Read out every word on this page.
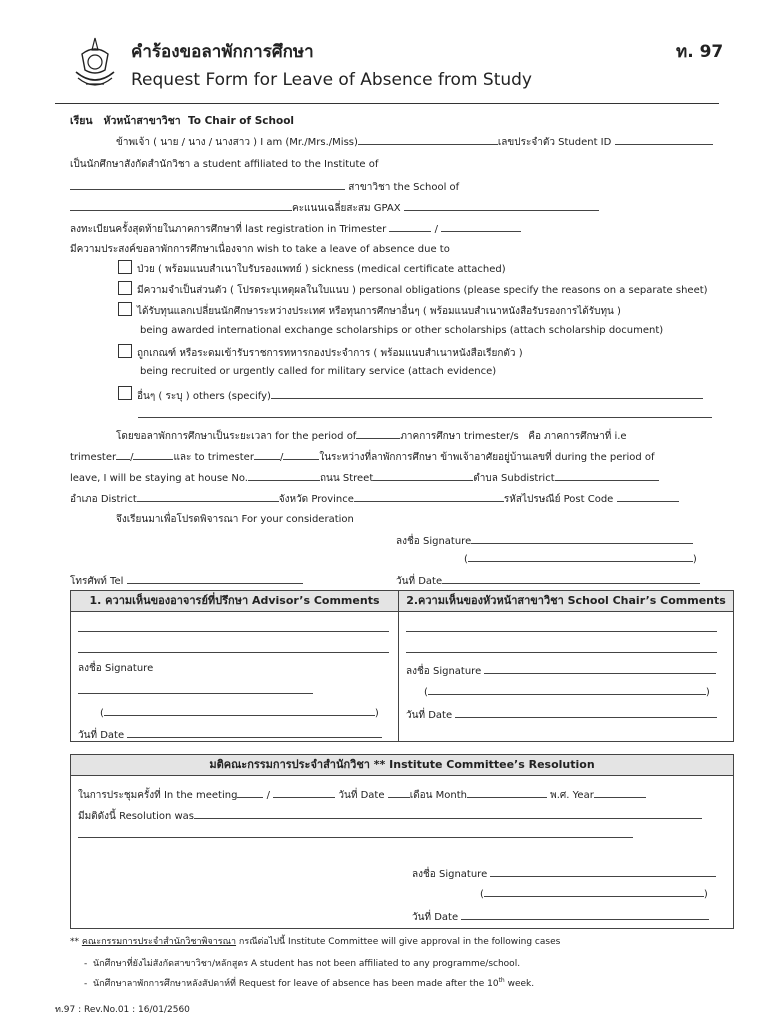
คำร้องขอลาพักการศึกษา
Request Form for Leave of Absence from Study
ท. 97
เรียน หัวหน้าสาขาวิชา To Chair of School
ข้าพเจ้า ( นาย / นาง / นางสาว ) I am (Mr./Mrs./Miss)	เลขประจำตัว Student ID
เป็นนักศึกษาสังกัดสำนักวิชา a student affiliated to the Institute of
สาขาวิชา the School of
คะแนนเฉลี่ยสะสม GPAX
ลงทะเบียนครั้งสุดท้ายในภาคการศึกษาที่ last registration in Trimester	/
มีความประสงค์ขอลาพักการศึกษาเนื่องจาก wish to take a leave of absence due to
ป่วย ( พร้อมแนบสำเนาใบรับรองแพทย์ ) sickness (medical certificate attached)
มีความจำเป็นส่วนตัว ( โปรดระบุเหตุผลในใบแนบ ) personal obligations (please specify the reasons on a separate sheet)
ได้รับทุนแลกเปลี่ยนนักศึกษาระหว่างประเทศ หรือทุนการศึกษาอื่นๆ ( พร้อมแนบสำเนาหนังสือรับรองการได้รับทุน )
being awarded international exchange scholarships or other scholarships (attach scholarship document)
ถูกเกณฑ์ หรือระดมเข้ารับราชการทหารกองประจำการ ( พร้อมแนบสำเนาหนังสือเรียกตัว )
being recruited or urgently called for military service (attach evidence)
อื่นๆ ( ระบุ ) others (specify)
โดยขอลาพักการศึกษาเป็นระยะเวลา for the period of	ภาคการศึกษา trimester/s คือ ภาคการศึกษาที่ i.e
trimester /	และ to trimester	/	ในระหว่างที่ลาพักการศึกษา ข้าพเจ้าอาศัยอยู่บ้านเลขที่ during the period of
leave, I will be staying at house No.	ถนน Street	ตำบล Subdistrict
อำเภอ District	จังหวัด Province	รหัสไปรษณีย์ Post Code
จึงเรียนมาเพื่อโปรดพิจารณา For your consideration
ลงชื่อ Signature
(	)
โทรศัพท์ Tel	วันที่ Date
1. ความเห็นของอาจารย์ที่ปรึกษา Advisor’s Comments	2.ความเห็นของหัวหน้าสาขาวิชา School Chair’s Comments
ลงชื่อ Signature
(	)
วันที่ Date
ลงชื่อ Signature
(	)
วันที่ Date
มติคณะกรรมการประจำสำนักวิชา ** Institute Committee’s Resolution
ในการประชุมครั้งที่ In the meeting	/	วันที่ Date	เดือน Month	พ.ศ. Year
มีมติดังนี้ Resolution was
ลงชื่อ Signature
(	)
วันที่ Date
** คณะกรรมการประจำสำนักวิชาพิจารณา กรณีต่อไปนี้ Institute Committee will give approval in the following cases
- นักศึกษาที่ยังไม่สังกัดสาขาวิชา/หลักสูตร A student has not been affiliated to any programme/school.
- นักศึกษาลาพักการศึกษาหลังสัปดาห์ที่ Request for leave of absence has been made after the 10th week.
ท.97 : Rev.No.01 : 16/01/2560
